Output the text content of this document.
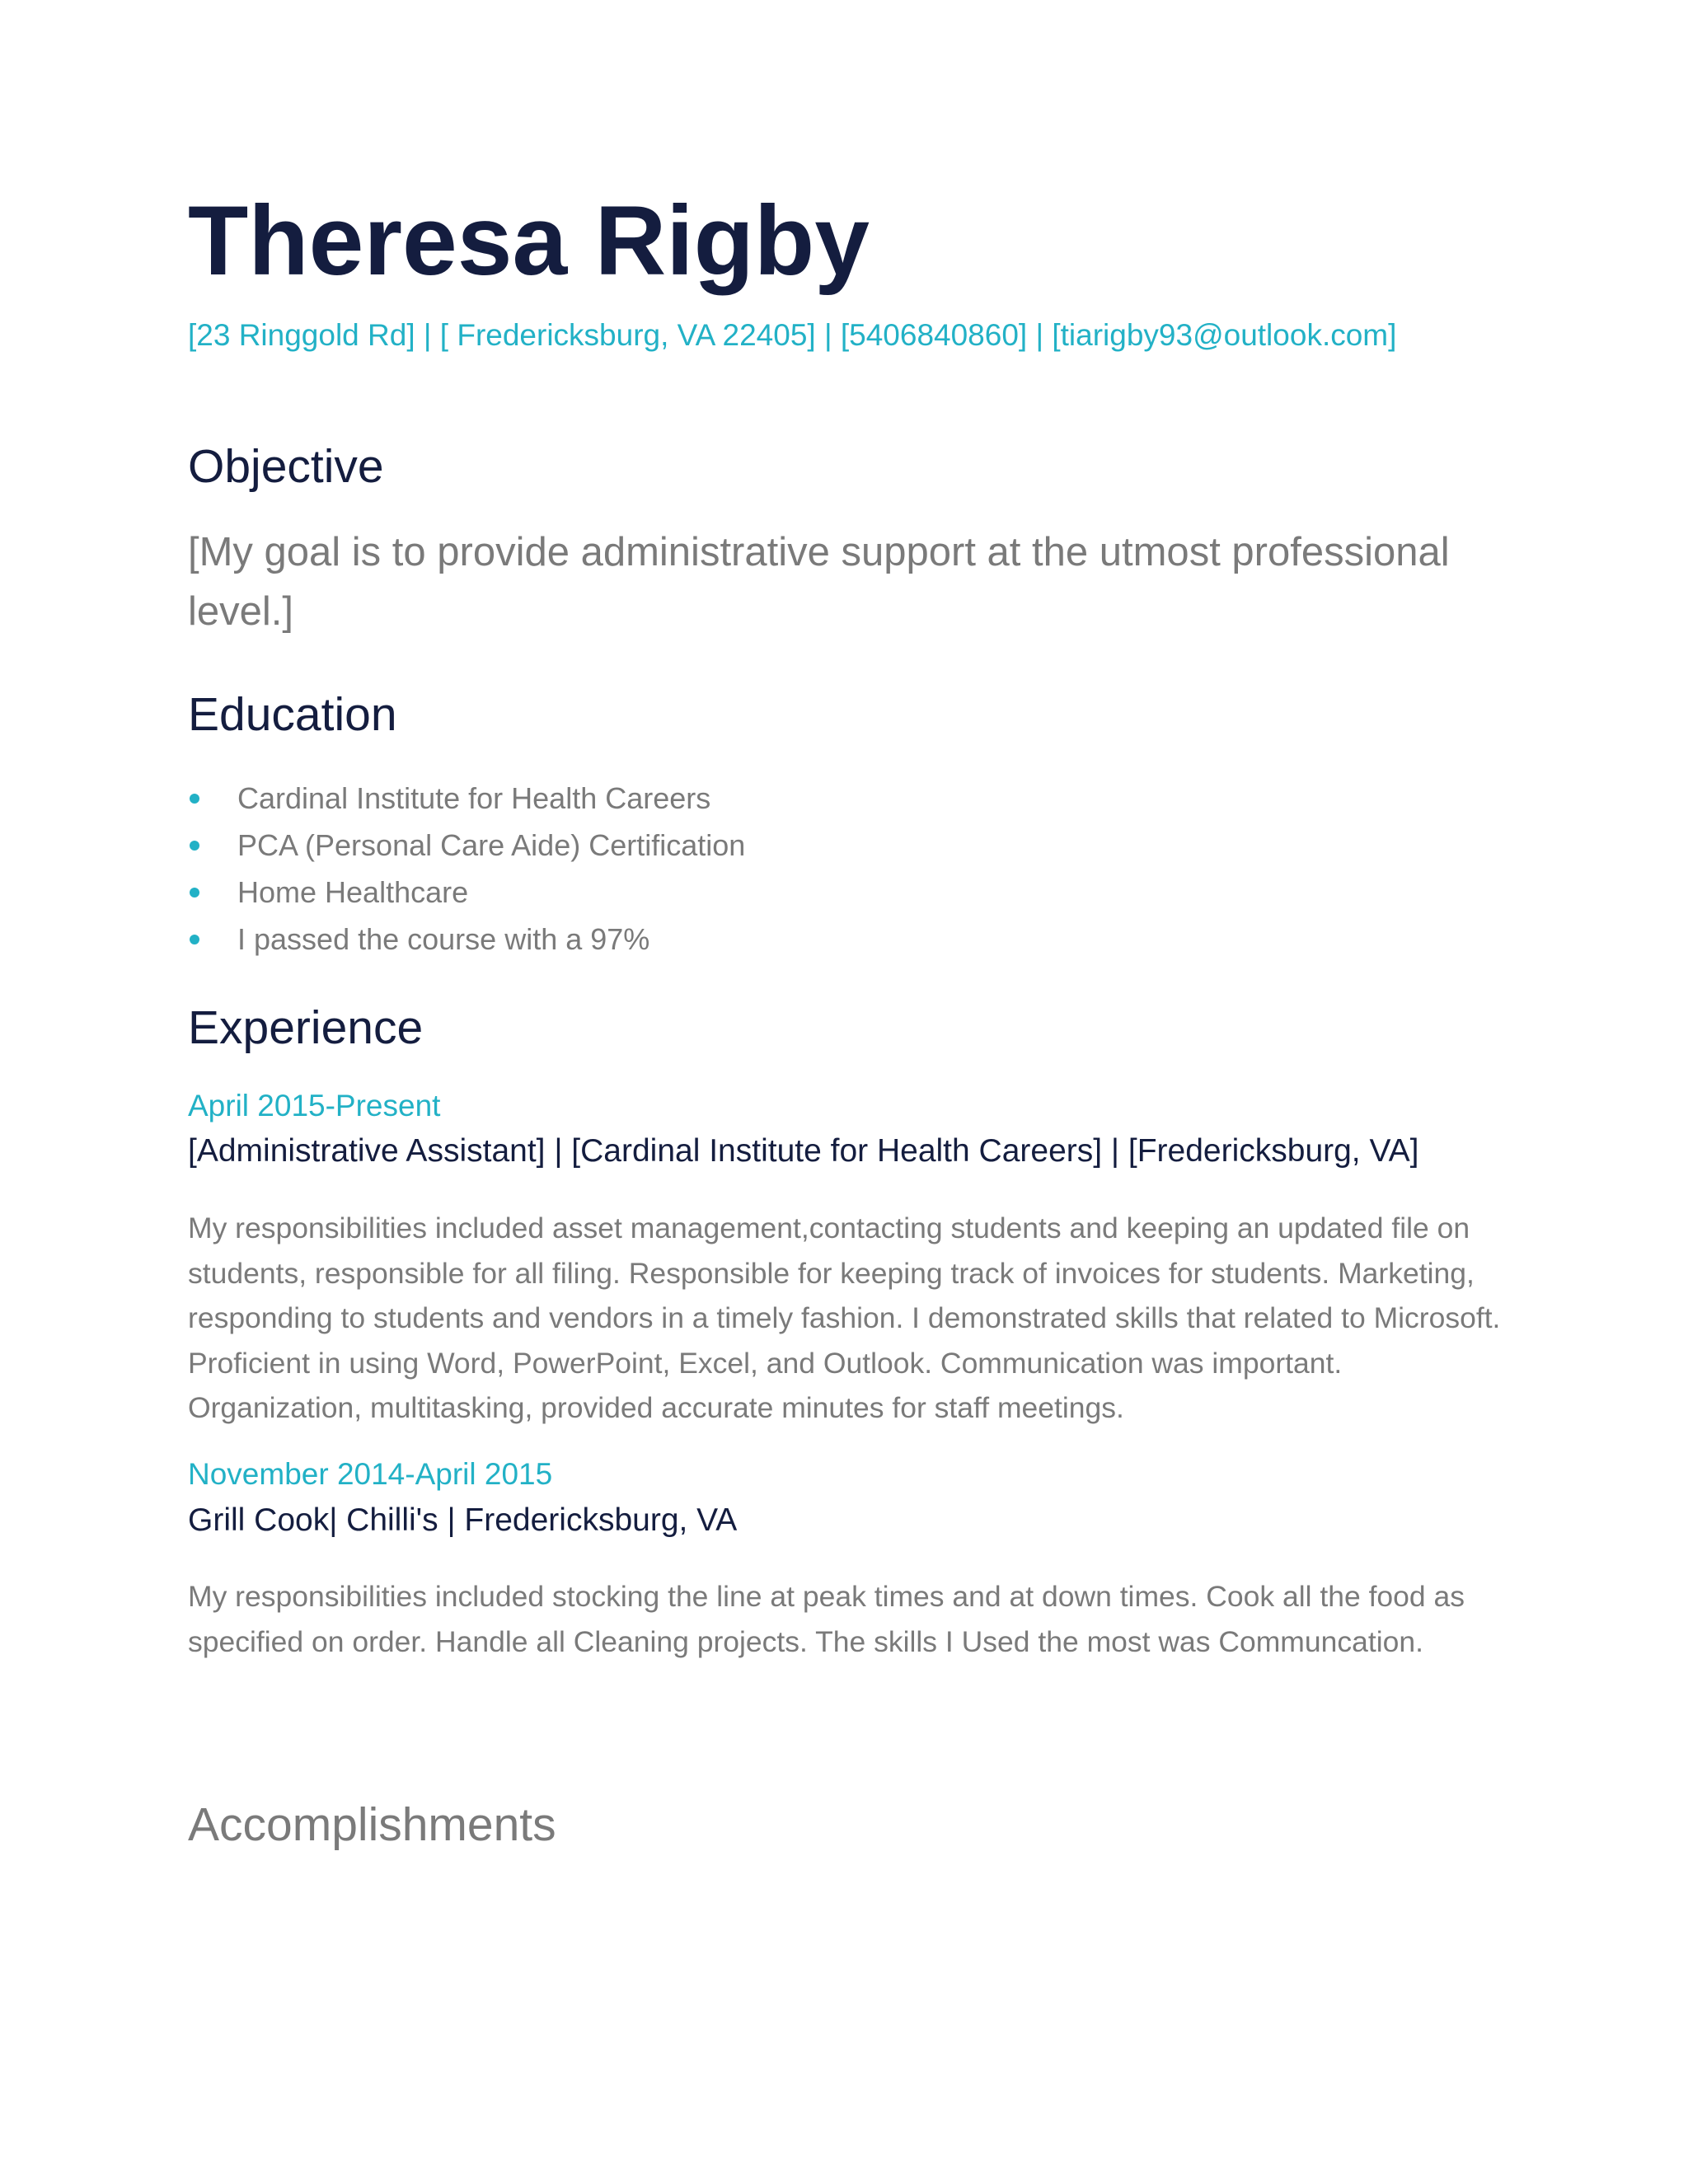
Theresa Rigby

[23 Ringgold Rd] | [ Fredericksburg, VA 22405] | [5406840860] | [tiarigby93@outlook.com]

Objective

[My goal is to provide administrative support at the utmost professional level.]

Education
Cardinal Institute for Health Careers
PCA (Personal Care Aide) Certification
Home Healthcare
I passed the course with a 97%
Experience

April 2015-Present

[Administrative Assistant] | [Cardinal Institute for Health Careers] | [Fredericksburg, VA]

My responsibilities included asset management,contacting students and keeping an updated file on students, responsible for all filing. Responsible for keeping track of invoices for students. Marketing, responding to students and vendors in a timely fashion. I demonstrated skills that related to Microsoft. Proficient in using Word, PowerPoint, Excel, and Outlook. Communication was important. Organization, multitasking, provided accurate minutes for staff meetings.

November 2014-April 2015

Grill Cook| Chilli's | Fredericksburg, VA

My responsibilities included stocking the line at peak times and at down times. Cook all the food as specified on order. Handle all Cleaning projects. The skills I Used the most was Communcation.

Accomplishments
